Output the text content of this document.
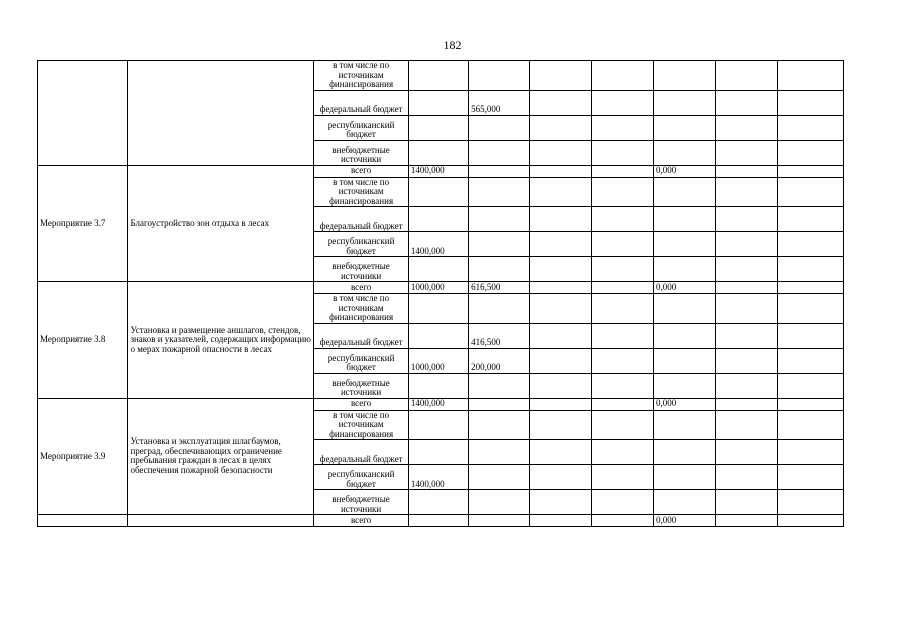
182
		в том числе по источникам финансирования							
		федеральный бюджет		565,000					
		республиканский бюджет							
		внебюджетные источники							
Мероприятие 3.7	Благоустройство зон отдыха в лесах	всего	1400,000				0,000		
		в том числе по источникам финансирования							
		федеральный бюджет							
		республиканский бюджет	1400,000						
		внебюджетные источники							
Мероприятие 3.8	Установка и размещение аншлагов, стендов, знаков и указателей, содержащих информацию о мерах пожарной опасности в лесах	всего	1000,000	616,500			0,000		
		в том числе по источникам финансирования							
		федеральный бюджет		416,500					
		республиканский бюджет	1000,000	200,000					
		внебюджетные источники							
Мероприятие 3.9	Установка и эксплуатация шлагбаумов, преград, обеспечивающих ограничение пребывания граждан в лесах в целях обеспечения пожарной безопасности	всего	1400,000				0,000		
		в том числе по источникам финансирования							
		федеральный бюджет							
		республиканский бюджет	1400,000						
		внебюджетные источники							
		всего					0,000		
